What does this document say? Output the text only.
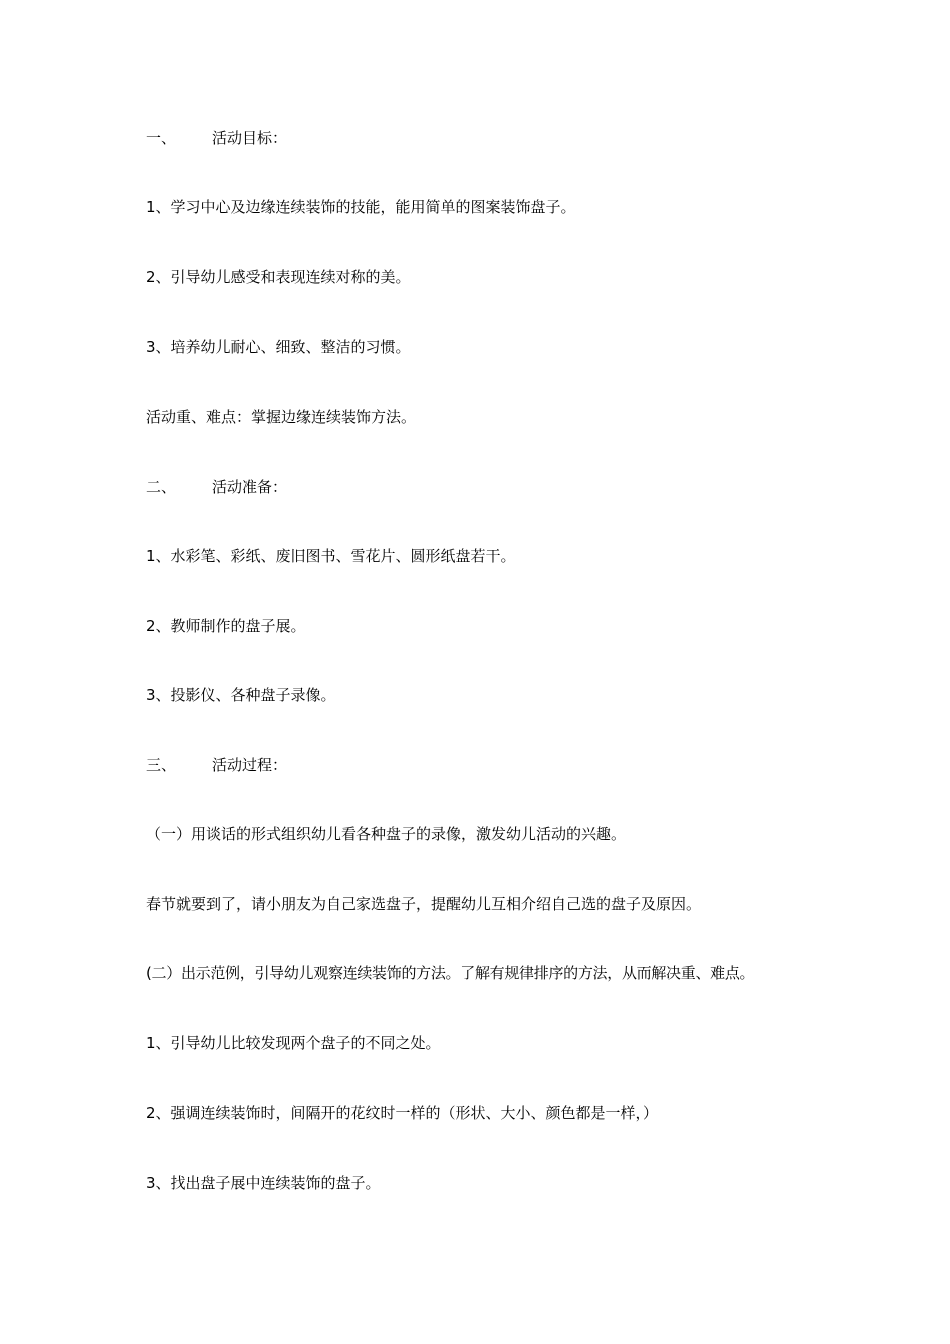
一、 活动目标：
1、学习中心及边缘连续装饰的技能，能用简单的图案装饰盘子。
2、引导幼儿感受和表现连续对称的美。
3、培养幼儿耐心、细致、整洁的习惯。
活动重、难点：掌握边缘连续装饰方法。
二、 活动准备：
1、水彩笔、彩纸、废旧图书、雪花片、圆形纸盘若干。
2、教师制作的盘子展。
3、投影仪、各种盘子录像。
三、 活动过程：
（一）用谈话的形式组织幼儿看各种盘子的录像，激发幼儿活动的兴趣。
春节就要到了，请小朋友为自己家选盘子，提醒幼儿互相介绍自己选的盘子及原因。
(二）出示范例，引导幼儿观察连续装饰的方法。了解有规律排序的方法，从而解决重、难点。
1、引导幼儿比较发现两个盘子的不同之处。
2、强调连续装饰时，间隔开的花纹时一样的（形状、大小、颜色都是一样，）
3、找出盘子展中连续装饰的盘子。
